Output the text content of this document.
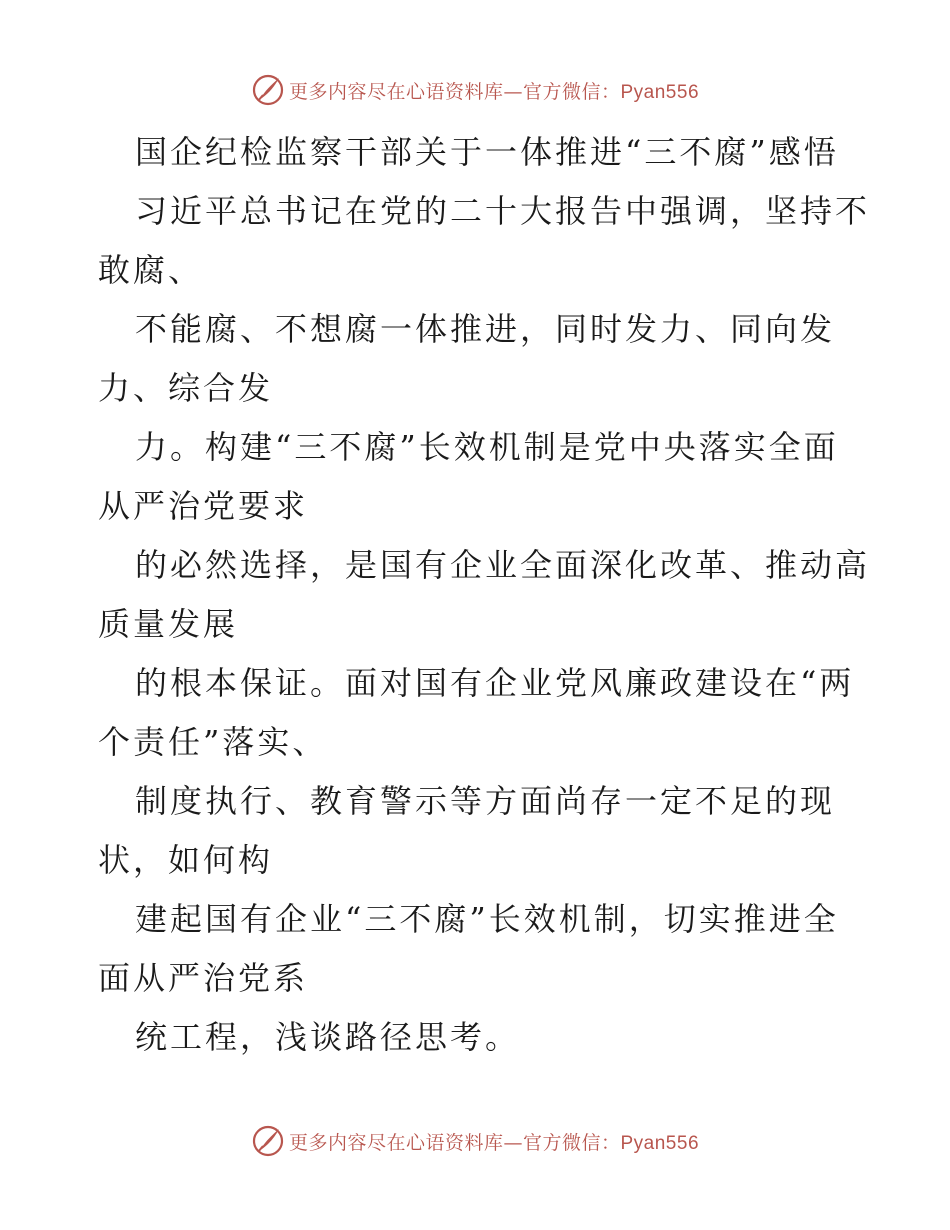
更多内容尽在心语资料库—官方微信：Pyan556

国企纪检监察干部关于一体推进“三不腐”感悟

习近平总书记在党的二十大报告中强调，坚持不

敢腐、

不能腐、不想腐一体推进，同时发力、同向发

力、综合发

力。构建“三不腐”长效机制是党中央落实全面

从严治党要求

的必然选择，是国有企业全面深化改革、推动高

质量发展

的根本保证。面对国有企业党风廉政建设在“两

个责任”落实、

制度执行、教育警示等方面尚存一定不足的现

状，如何构

建起国有企业“三不腐”长效机制，切实推进全

面从严治党系

统工程，浅谈路径思考。

更多内容尽在心语资料库—官方微信：Pyan556
